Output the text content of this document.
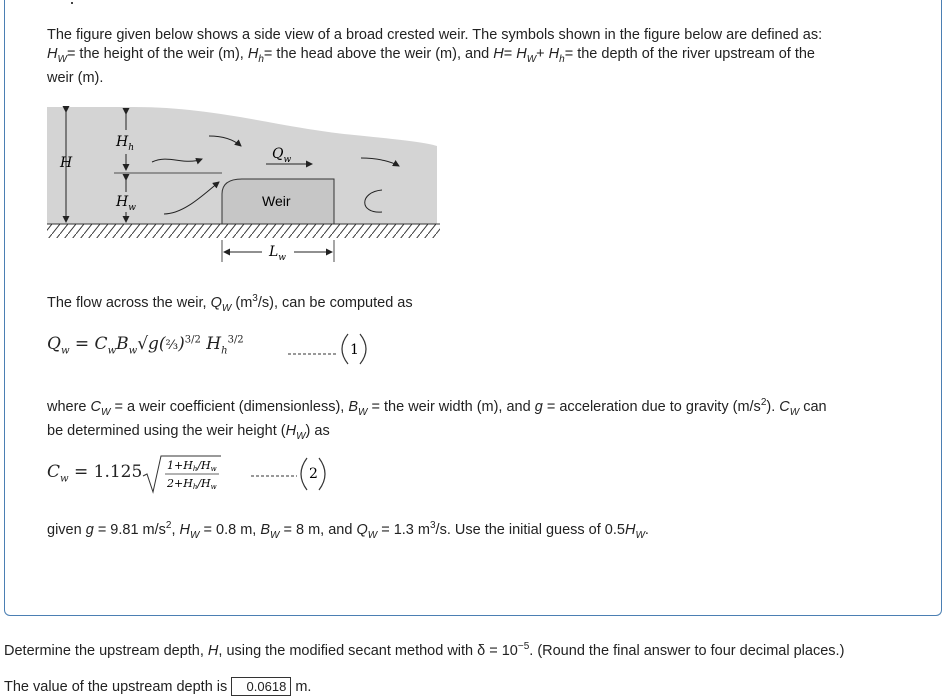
The figure given below shows a side view of a broad crested weir. The symbols shown in the figure below are defined as:
$H_W=$ the height of the weir (m), $H_h=$ the head above the weir (m), and $H= H_W+ H_h=$ the depth of the river upstream of the
weir (m).

H
$H_h$
$H_w$
$Q_w$
Weir
$L_w$

The flow across the weir, $Q_W$ $(m^3/s)$, can be computed as

$Q_w$ = $C_wB_w√g(\frac{2}{3})^{3/2}$ $H_h^{3/2}$
1

where $C_W = a$ weir coefficient (dimensionless), $B_W$ = the weir width (m), and g = acceleration due to gravity $(m/s^2)$. $C_W$ can
be determined using the weir height $(H_W)$ as

$C_w = 1.125$ 1+Hh/Hw
2+Hh/Hw
2

given g = 9.81 $m/s^2$, $H_W = 0.8$ m, $B_W = 8$ m, and $Q_W = 1.3$ $m^3/s$. Use the initial guess of $0.5H_W$.

Determine the upstream depth, H, using the modified secant method with $\delta = 10^{-5}$. (Round the final answer to four decimal places.)
The value of the upstream depth is 0.0618 m.
